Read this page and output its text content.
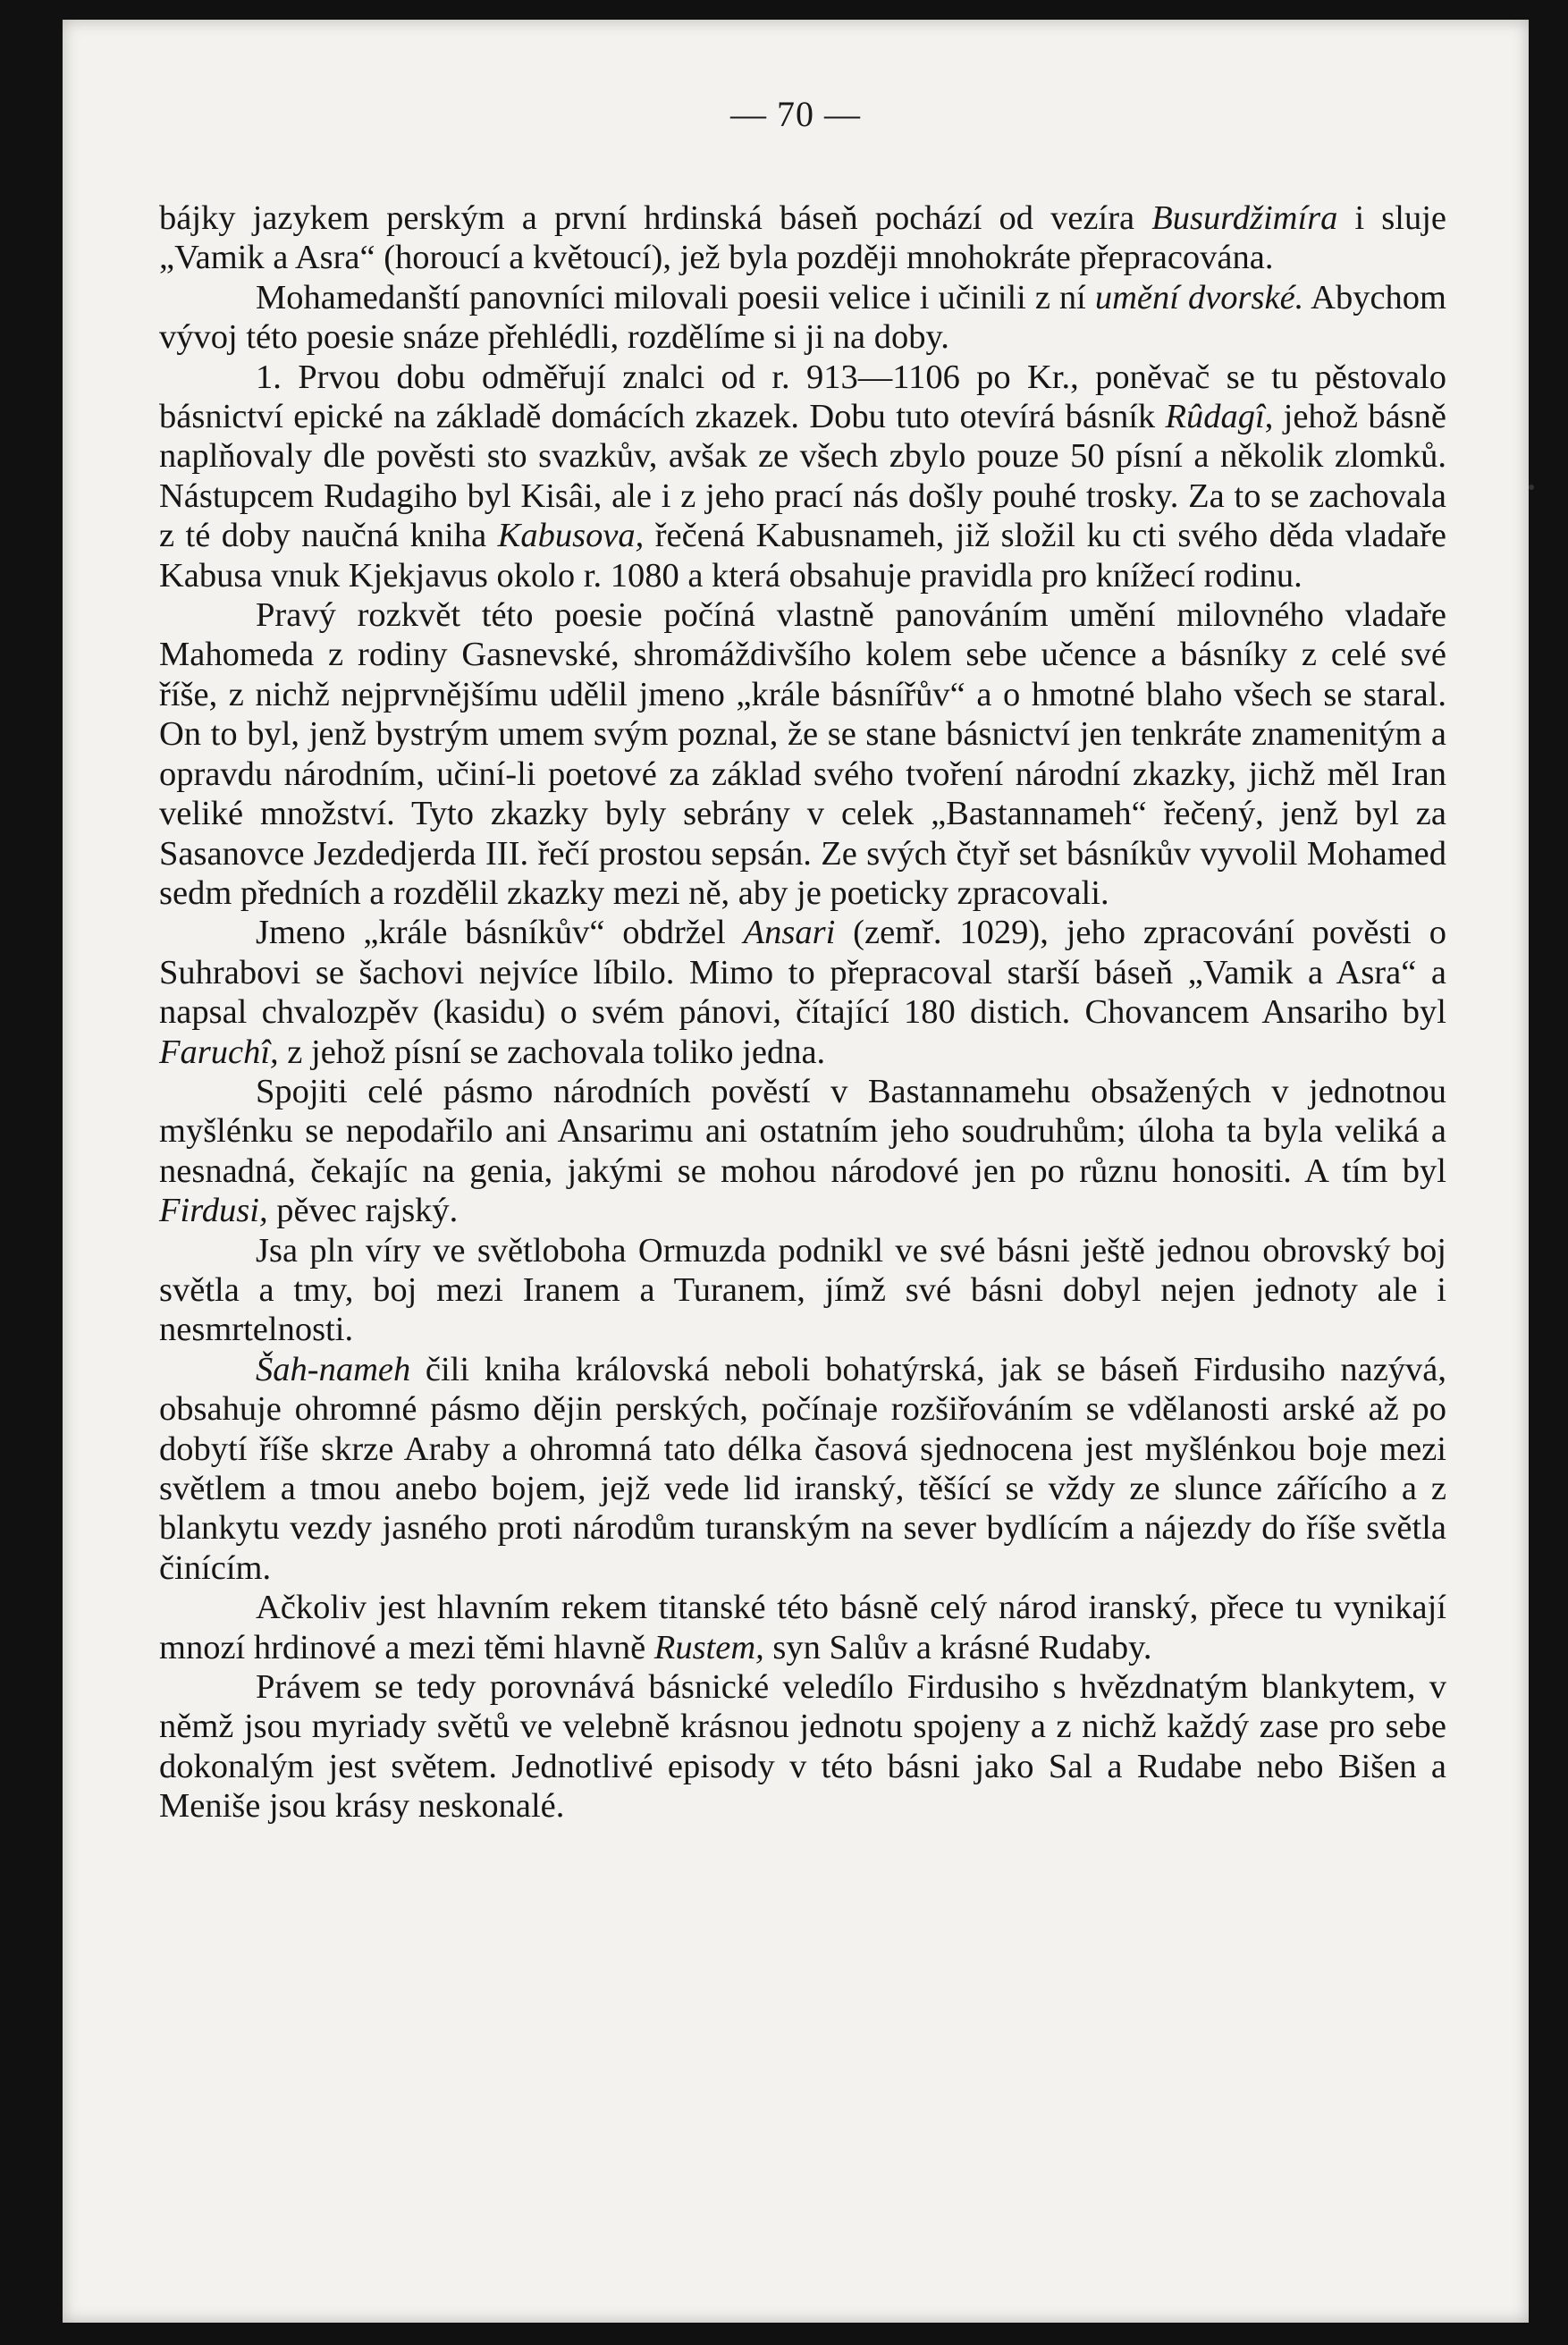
— 70 —

bájky jazykem perským a první hrdinská báseň pochází od vezíra Busurdžimíra i sluje „Vamik a Asra“ (horoucí a květoucí), jež byla později mnohokráte přepracována.

Mohamedanští panovníci milovali poesii velice i učinili z ní umění dvorské. Abychom vývoj této poesie snáze přehlédli, rozdělíme si ji na doby.

1. Prvou dobu odměřují znalci od r. 913—1106 po Kr., poněvač se tu pěstovalo básnictví epické na základě domácích zkazek. Dobu tuto otevírá básník Rûdagî, jehož básně naplňovaly dle pověsti sto svazkův, avšak ze všech zbylo pouze 50 písní a několik zlomků. Nástupcem Rudagiho byl Kisâi, ale i z jeho prací nás došly pouhé trosky. Za to se zachovala z té doby naučná kniha Kabusova, řečená Kabusnameh, již složil ku cti svého děda vladaře Kabusa vnuk Kjekjavus okolo r. 1080 a která obsahuje pravidla pro knížecí rodinu.

Pravý rozkvět této poesie počíná vlastně panováním umění milovného vladaře Mahomeda z rodiny Gasnevské, shromáždivšího kolem sebe učence a básníky z celé své říše, z nichž nejprvnějšímu udělil jmeno „krále básnířův“ a o hmotné blaho všech se staral. On to byl, jenž bystrým umem svým poznal, že se stane básnictví jen tenkráte znamenitým a opravdu národním, učiní-li poetové za základ svého tvoření národní zkazky, jichž měl Iran veliké množství. Tyto zkazky byly sebrány v celek „Bastannameh“ řečený, jenž byl za Sasanovce Jezdedjerda III. řečí prostou sepsán. Ze svých čtyř set básníkův vyvolil Mohamed sedm předních a rozdělil zkazky mezi ně, aby je poeticky zpracovali.

Jmeno „krále básníkův“ obdržel Ansari (zemř. 1029), jeho zpracování pověsti o Suhrabovi se šachovi nejvíce líbilo. Mimo to přepracoval starší báseň „Vamik a Asra“ a napsal chvalozpěv (kasidu) o svém pánovi, čítající 180 distich. Chovancem Ansariho byl Faruchî, z jehož písní se zachovala toliko jedna.

Spojiti celé pásmo národních pověstí v Bastannamehu obsažených v jednotnou myšlénku se nepodařilo ani Ansarimu ani ostatním jeho soudruhům; úloha ta byla veliká a nesnadná, čekajíc na genia, jakými se mohou národové jen po různu honositi. A tím byl Firdusi, pěvec rajský.

Jsa pln víry ve světloboha Ormuzda podnikl ve své básni ještě jednou obrovský boj světla a tmy, boj mezi Iranem a Turanem, jímž své básni dobyl nejen jednoty ale i nesmrtelnosti.

Šah-nameh čili kniha královská neboli bohatýrská, jak se báseň Firdusiho nazývá, obsahuje ohromné pásmo dějin perských, počínaje rozšiřováním se vdělanosti arské až po dobytí říše skrze Araby a ohromná tato délka časová sjednocena jest myšlénkou boje mezi světlem a tmou anebo bojem, jejž vede lid iranský, těšící se vždy ze slunce zářícího a z blankytu vezdy jasného proti národům turanským na sever bydlícím a nájezdy do říše světla činícím.

Ačkoliv jest hlavním rekem titanské této básně celý národ iranský, přece tu vynikají mnozí hrdinové a mezi těmi hlavně Rustem, syn Salův a krásné Rudaby.

Právem se tedy porovnává básnické veledílo Firdusiho s hvězdnatým blankytem, v němž jsou myriady světů ve velebně krásnou jednotu spojeny a z nichž každý zase pro sebe dokonalým jest světem. Jednotlivé episody v této básni jako Sal a Rudabe nebo Bišen a Meniše jsou krásy neskonalé.
